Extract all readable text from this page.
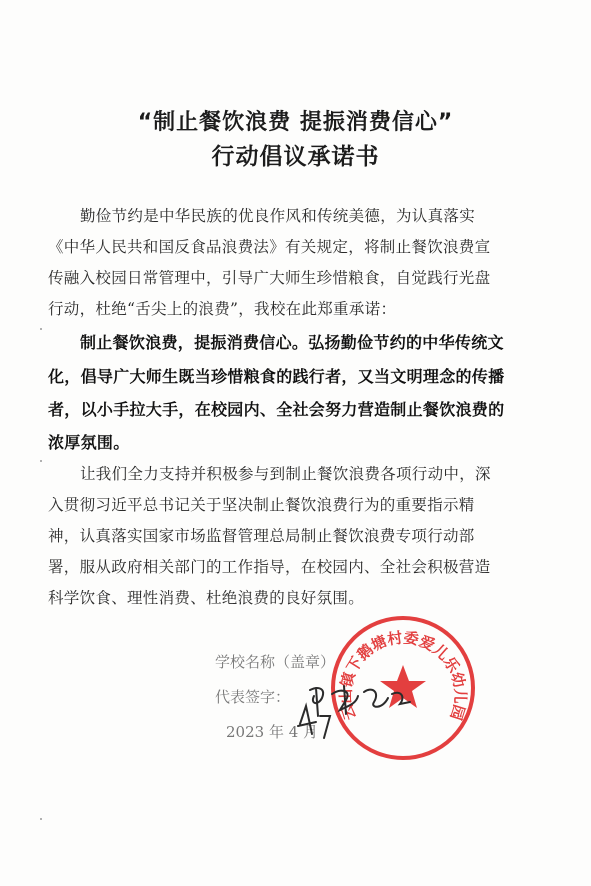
“制止餐饮浪费 提振消费信心”
行动倡议承诺书
勤俭节约是中华民族的优良作风和传统美德，为认真落实
《中华人民共和国反食品浪费法》有关规定，将制止餐饮浪费宣
传融入校园日常管理中，引导广大师生珍惜粮食，自觉践行光盘
行动，杜绝“舌尖上的浪费”，我校在此郑重承诺：
制止餐饮浪费，提振消费信心。弘扬勤俭节约的中华传统文
化，倡导广大师生既当珍惜粮食的践行者，又当文明理念的传播
者，以小手拉大手，在校园内、全社会努力营造制止餐饮浪费的
浓厚氛围。
让我们全力支持并积极参与到制止餐饮浪费各项行动中，深
入贯彻习近平总书记关于坚决制止餐饮浪费行为的重要指示精
神，认真落实国家市场监督管理总局制止餐饮浪费专项行动部
署，服从政府相关部门的工作指导，在校园内、全社会积极营造
科学饮食、理性消费、杜绝浪费的良好氛围。
学校名称（盖章）
代表签字：
2023 年 4 月
云山镇下鹅塘村委爱儿乐幼儿园
